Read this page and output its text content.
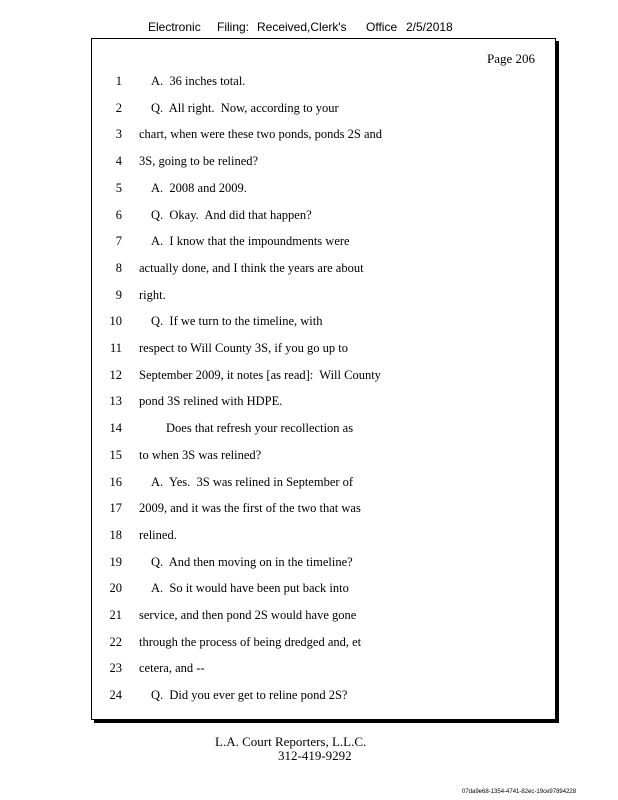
Electronic Filing: Received,Clerk's Office 2/5/2018
Page 206
1 A.  36 inches total.
2 Q.  All right.  Now, according to your
3 chart, when were these two ponds, ponds 2S and
4 3S, going to be relined?
5 A.  2008 and 2009.
6 Q.  Okay.  And did that happen?
7 A.  I know that the impoundments were
8 actually done, and I think the years are about
9 right.
10 Q.  If we turn to the timeline, with
11 respect to Will County 3S, if you go up to
12 September 2009, it notes [as read]:  Will County
13 pond 3S relined with HDPE.
14	Does that refresh your recollection as
15 to when 3S was relined?
16 A.  Yes.  3S was relined in September of
17 2009, and it was the first of the two that was
18 relined.
19 Q.  And then moving on in the timeline?
20 A.  So it would have been put back into
21 service, and then pond 2S would have gone
22 through the process of being dredged and, et
23 cetera, and --
24 Q.  Did you ever get to reline pond 2S?
L.A. Court Reporters, L.L.C.
312-419-9292
07da9e68-1354-4741-82ec-19ce97894228
